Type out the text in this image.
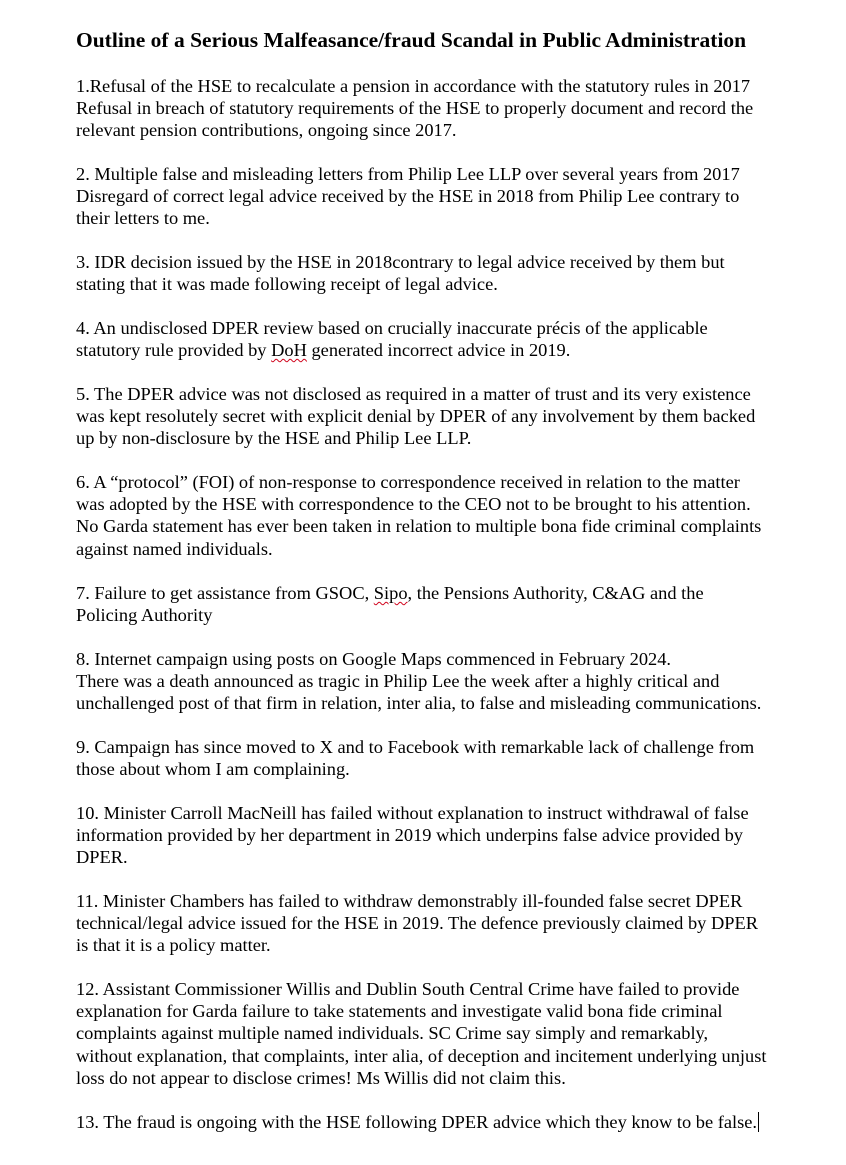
Outline of a Serious Malfeasance/fraud Scandal in Public Administration
1.Refusal of the HSE to recalculate a pension in accordance with the statutory rules in 2017
Refusal in breach of statutory requirements of the HSE to properly document and record the
relevant pension contributions, ongoing since 2017.
2. Multiple false and misleading letters from Philip Lee LLP over several years from 2017
Disregard of correct legal advice received by the HSE in 2018 from Philip Lee contrary to
their letters to me.
3. IDR decision issued by the HSE in 2018contrary to legal advice received by them but
stating that it was made following receipt of legal advice.
4. An undisclosed DPER review based on crucially inaccurate précis of the applicable
statutory rule provided by DoH generated incorrect advice in 2019.
5. The DPER advice was not disclosed as required in a matter of trust and its very existence
was kept resolutely secret with explicit denial by DPER of any involvement by them backed
up by non-disclosure by the HSE and Philip Lee LLP.
6. A “protocol” (FOI) of non-response to correspondence received in relation to the matter
was adopted by the HSE with correspondence to the CEO not to be brought to his attention.
No Garda statement has ever been taken in relation to multiple bona fide criminal complaints
against named individuals.
7. Failure to get assistance from GSOC, Sipo, the Pensions Authority, C&AG and the
Policing Authority
8. Internet campaign using posts on Google Maps commenced in February 2024.
There was a death announced as tragic in Philip Lee the week after a highly critical and
unchallenged post of that firm in relation, inter alia, to false and misleading communications.
9. Campaign has since moved to X and to Facebook with remarkable lack of challenge from
those about whom I am complaining.
10. Minister Carroll MacNeill has failed without explanation to instruct withdrawal of false
information provided by her department in 2019 which underpins false advice provided by
DPER.
11. Minister Chambers has failed to withdraw demonstrably ill-founded false secret DPER
technical/legal advice issued for the HSE in 2019. The defence previously claimed by DPER
is that it is a policy matter.
12. Assistant Commissioner Willis and Dublin South Central Crime have failed to provide
explanation for Garda failure to take statements and investigate valid bona fide criminal
complaints against multiple named individuals. SC Crime say simply and remarkably,
without explanation, that complaints, inter alia, of deception and incitement underlying unjust
loss do not appear to disclose crimes! Ms Willis did not claim this.
13. The fraud is ongoing with the HSE following DPER advice which they know to be false.
